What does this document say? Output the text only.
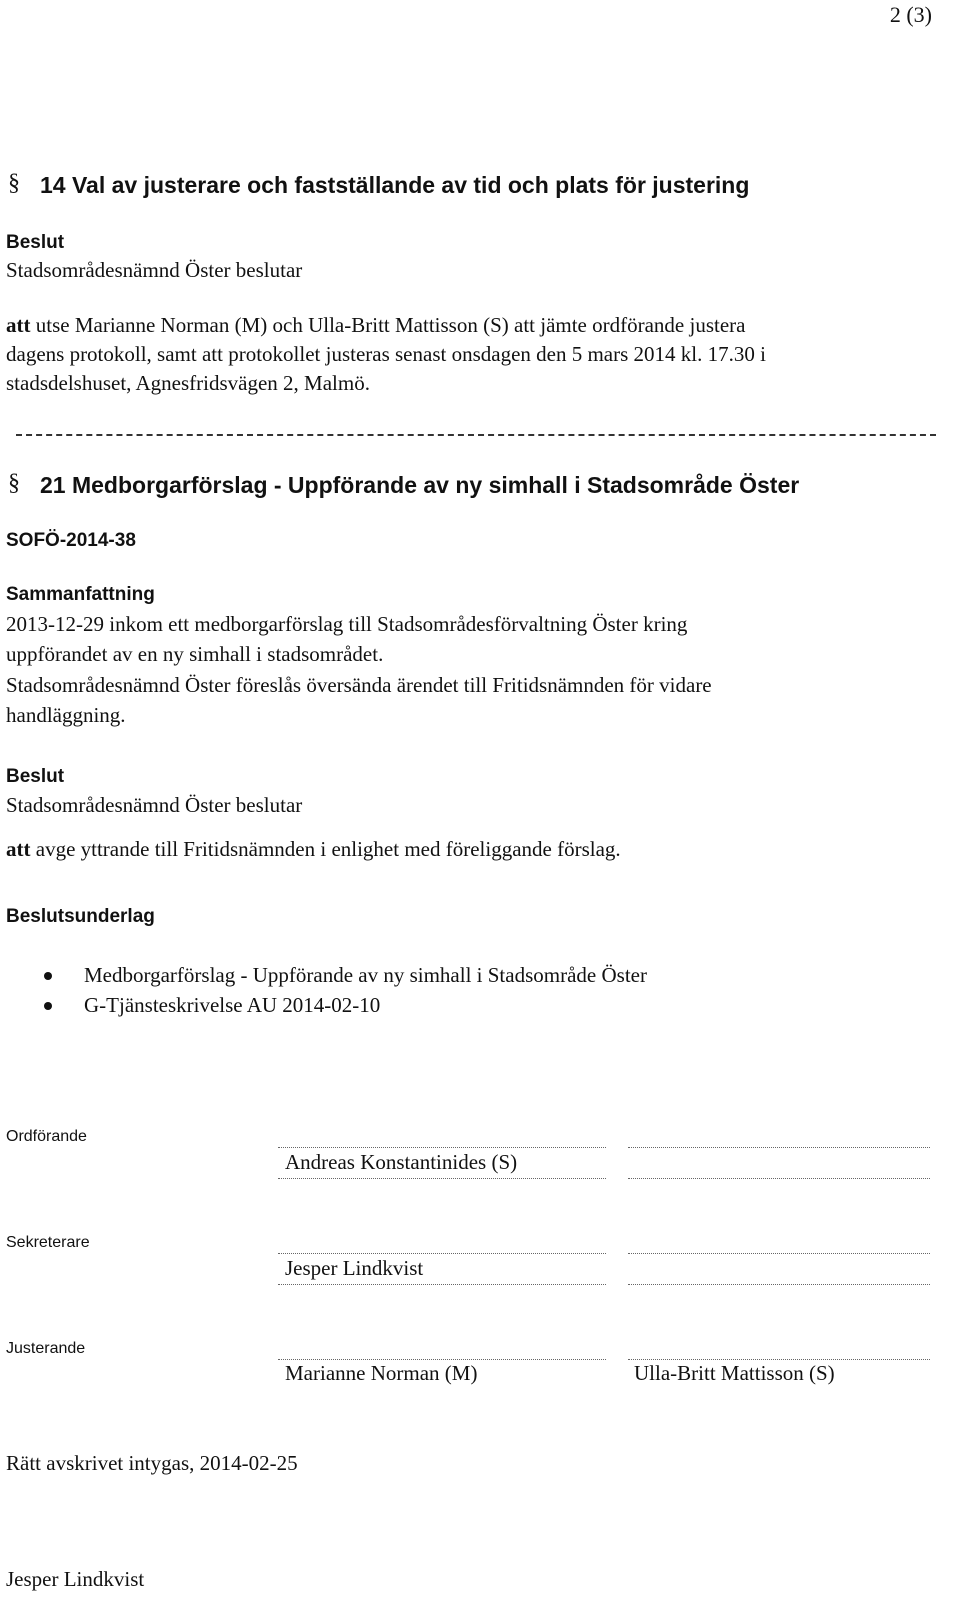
2 (3)
§ 14 Val av justerare och fastställande av tid och plats för justering
Beslut
Stadsområdesnämnd Öster beslutar
att utse Marianne Norman (M) och Ulla-Britt Mattisson (S) att jämte ordförande justera
dagens protokoll, samt att protokollet justeras senast onsdagen den 5 mars 2014 kl. 17.30 i
stadsdelshuset, Agnesfridsvägen 2, Malmö.
§ 21 Medborgarförslag - Uppförande av ny simhall i Stadsområde Öster
SOFÖ-2014-38
Sammanfattning
2013-12-29 inkom ett medborgarförslag till Stadsområdesförvaltning Öster kring
uppförandet av en ny simhall i stadsområdet.
Stadsområdesnämnd Öster föreslås översända ärendet till Fritidsnämnden för vidare
handläggning.
Beslut
Stadsområdesnämnd Öster beslutar
att avge yttrande till Fritidsnämnden i enlighet med föreliggande förslag.
Beslutsunderlag
Medborgarförslag - Uppförande av ny simhall i Stadsområde Öster
G-Tjänsteskrivelse AU 2014-02-10
Ordförande
Andreas Konstantinides (S)
Sekreterare
Jesper Lindkvist
Justerande
Marianne Norman (M)	Ulla-Britt Mattisson (S)
Rätt avskrivet intygas, 2014-02-25
Jesper Lindkvist
